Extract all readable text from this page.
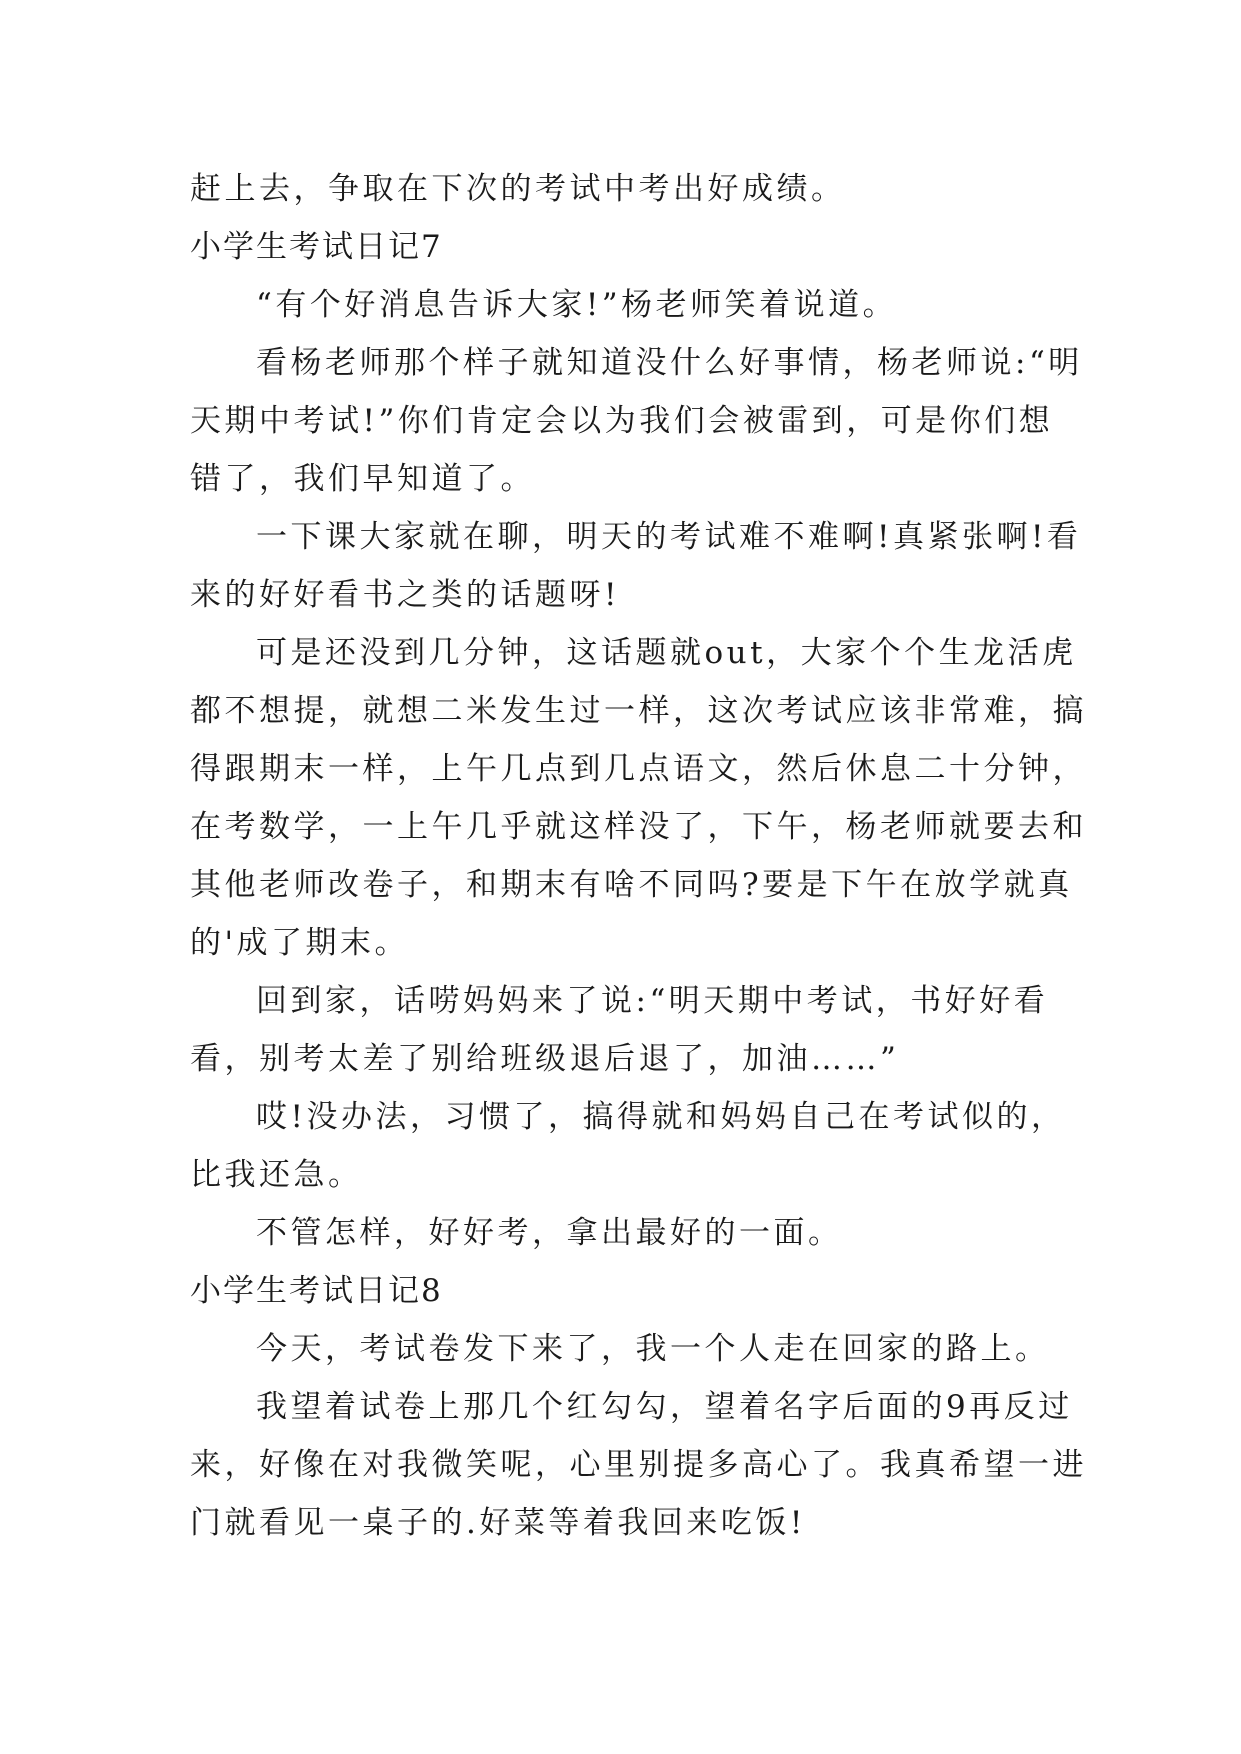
赶上去，争取在下次的考试中考出好成绩。
小学生考试日记7
“有个好消息告诉大家!”杨老师笑着说道。
看杨老师那个样子就知道没什么好事情，杨老师说:“明
天期中考试!”你们肯定会以为我们会被雷到，可是你们想
错了，我们早知道了。
一下课大家就在聊，明天的考试难不难啊!真紧张啊!看
来的好好看书之类的话题呀!
可是还没到几分钟，这话题就out，大家个个生龙活虎
都不想提，就想二米发生过一样，这次考试应该非常难，搞
得跟期末一样，上午几点到几点语文，然后休息二十分钟，
在考数学，一上午几乎就这样没了，下午，杨老师就要去和
其他老师改卷子，和期末有啥不同吗?要是下午在放学就真
的'成了期末。
回到家，话唠妈妈来了说:“明天期中考试，书好好看
看，别考太差了别给班级退后退了，加油……”
哎!没办法，习惯了，搞得就和妈妈自己在考试似的，
比我还急。
不管怎样，好好考，拿出最好的一面。
小学生考试日记8
今天，考试卷发下来了，我一个人走在回家的路上。
我望着试卷上那几个红勾勾，望着名字后面的9再反过
来，好像在对我微笑呢，心里别提多高心了。我真希望一进
门就看见一桌子的.好菜等着我回来吃饭!
